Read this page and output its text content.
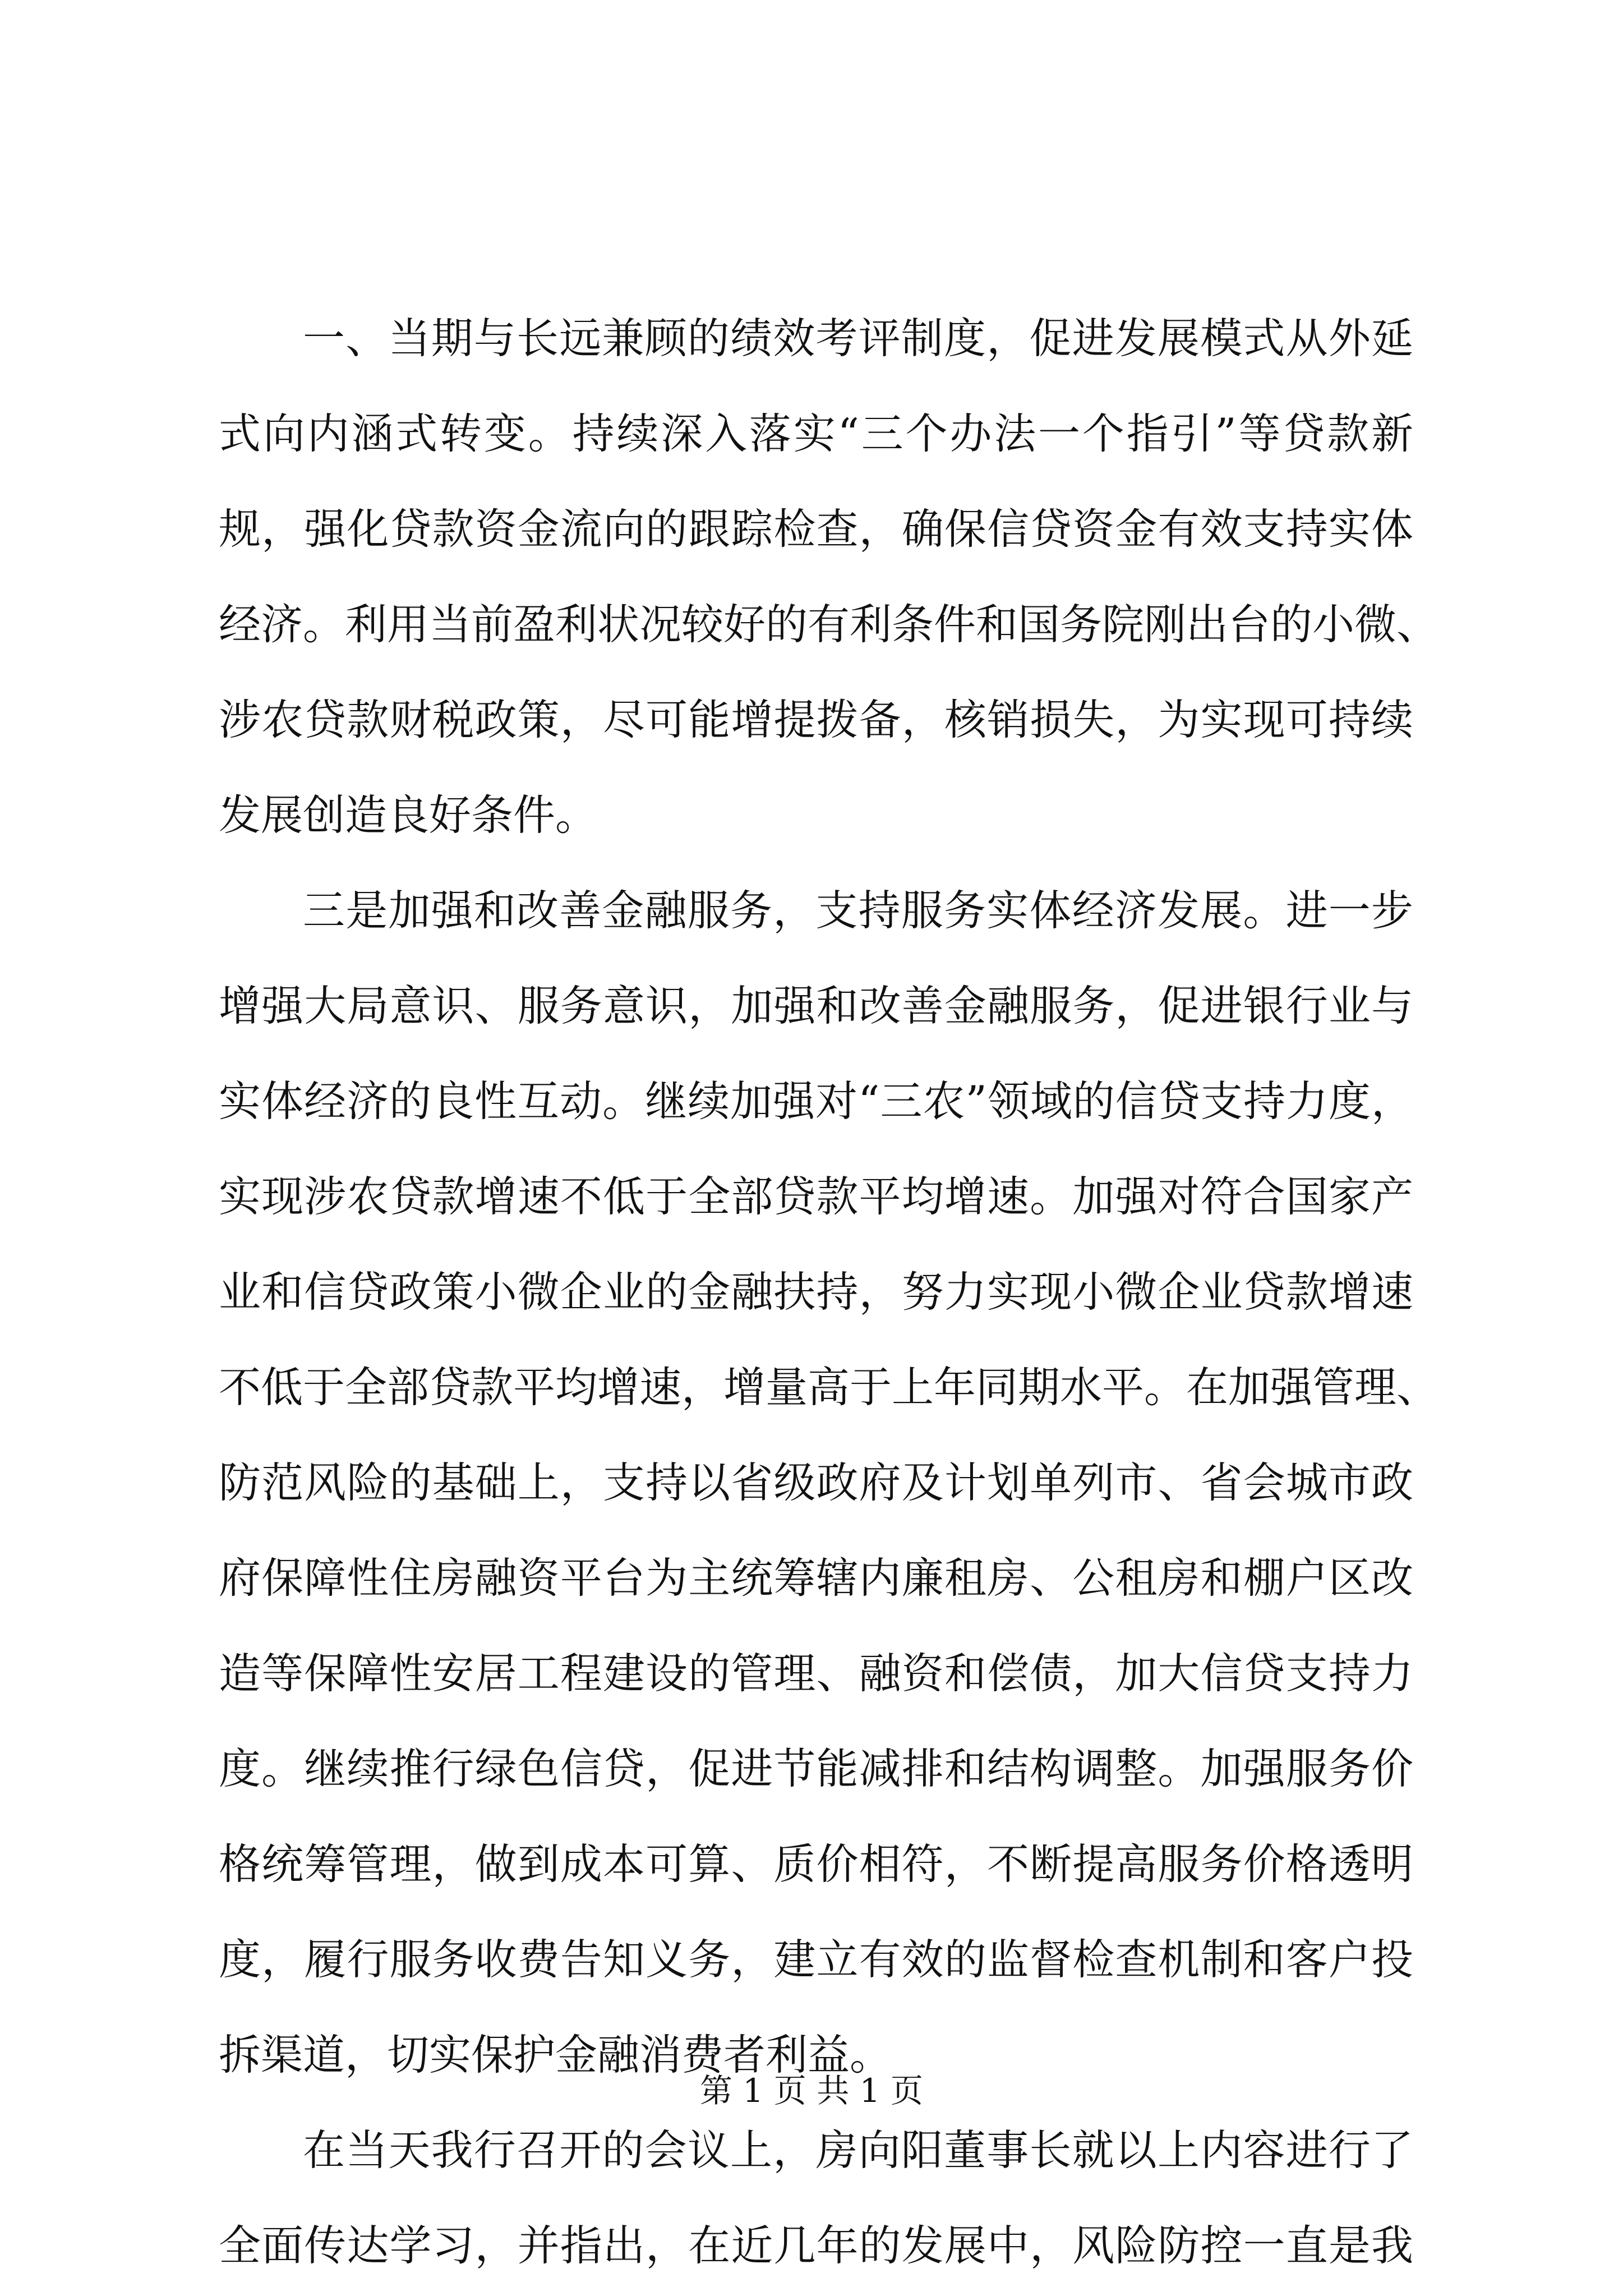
一、当期与长远兼顾的绩效考评制度，促进发展模式从外延
式向内涵式转变。持续深入落实“三个办法一个指引”等贷款新
规，强化贷款资金流向的跟踪检查，确保信贷资金有效支持实体
经济。利用当前盈利状况较好的有利条件和国务院刚出台的小微、
涉农贷款财税政策，尽可能增提拨备，核销损失，为实现可持续
发展创造良好条件。
三是加强和改善金融服务，支持服务实体经济发展。进一步
增强大局意识、服务意识，加强和改善金融服务，促进银行业与
实体经济的良性互动。继续加强对“三农”领域的信贷支持力度，
实现涉农贷款增速不低于全部贷款平均增速。加强对符合国家产
业和信贷政策小微企业的金融扶持，努力实现小微企业贷款增速
不低于全部贷款平均增速，增量高于上年同期水平。在加强管理、
防范风险的基础上，支持以省级政府及计划单列市、省会城市政
府保障性住房融资平台为主统筹辖内廉租房、公租房和棚户区改
造等保障性安居工程建设的管理、融资和偿债，加大信贷支持力
度。继续推行绿色信贷，促进节能减排和结构调整。加强服务价
格统筹管理，做到成本可算、质价相符，不断提高服务价格透明
度，履行服务收费告知义务，建立有效的监督检查机制和客户投
拆渠道，切实保护金融消费者利益。
在当天我行召开的会议上，房向阳董事长就以上内容进行了
全面传达学习，并指出，在近几年的发展中，风险防控一直是我
第 1 页 共 1 页
